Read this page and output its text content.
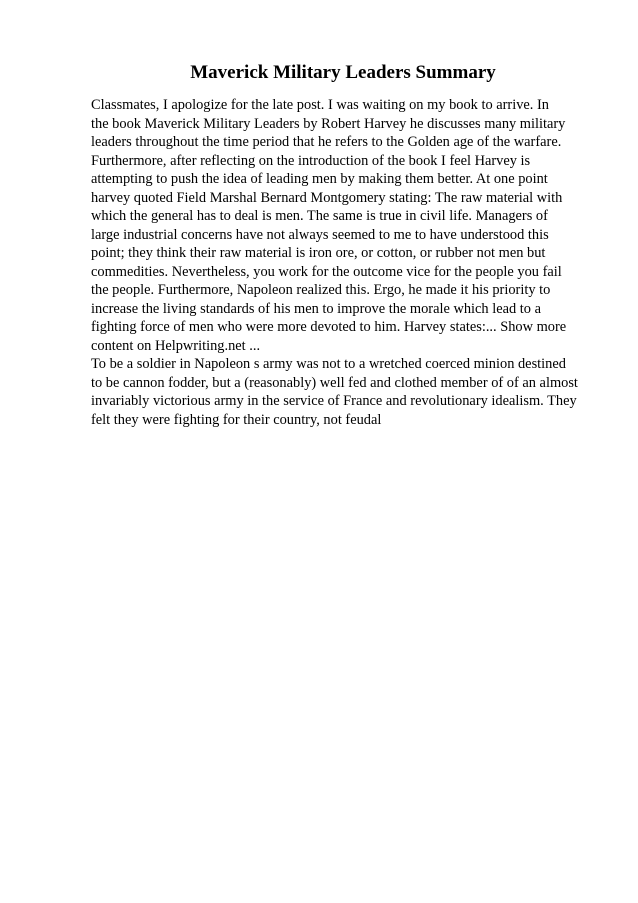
Maverick Military Leaders Summary
Classmates, I apologize for the late post. I was waiting on my book to arrive. In
the book Maverick Military Leaders by Robert Harvey he discusses many military
leaders throughout the time period that he refers to the Golden age of the warfare.
Furthermore, after reflecting on the introduction of the book I feel Harvey is
attempting to push the idea of leading men by making them better. At one point
harvey quoted Field Marshal Bernard Montgomery stating: The raw material with
which the general has to deal is men. The same is true in civil life. Managers of
large industrial concerns have not always seemed to me to have understood this
point; they think their raw material is iron ore, or cotton, or rubber not men but
commedities. Nevertheless, you work for the outcome vice for the people you fail
the people. Furthermore, Napoleon realized this. Ergo, he made it his priority to
increase the living standards of his men to improve the morale which lead to a
fighting force of men who were more devoted to him. Harvey states:... Show more
content on Helpwriting.net ...
To be a soldier in Napoleon s army was not to a wretched coerced minion destined
to be cannon fodder, but a (reasonably) well fed and clothed member of of an almost
invariably victorious army in the service of France and revolutionary idealism. They
felt they were fighting for their country, not feudal
